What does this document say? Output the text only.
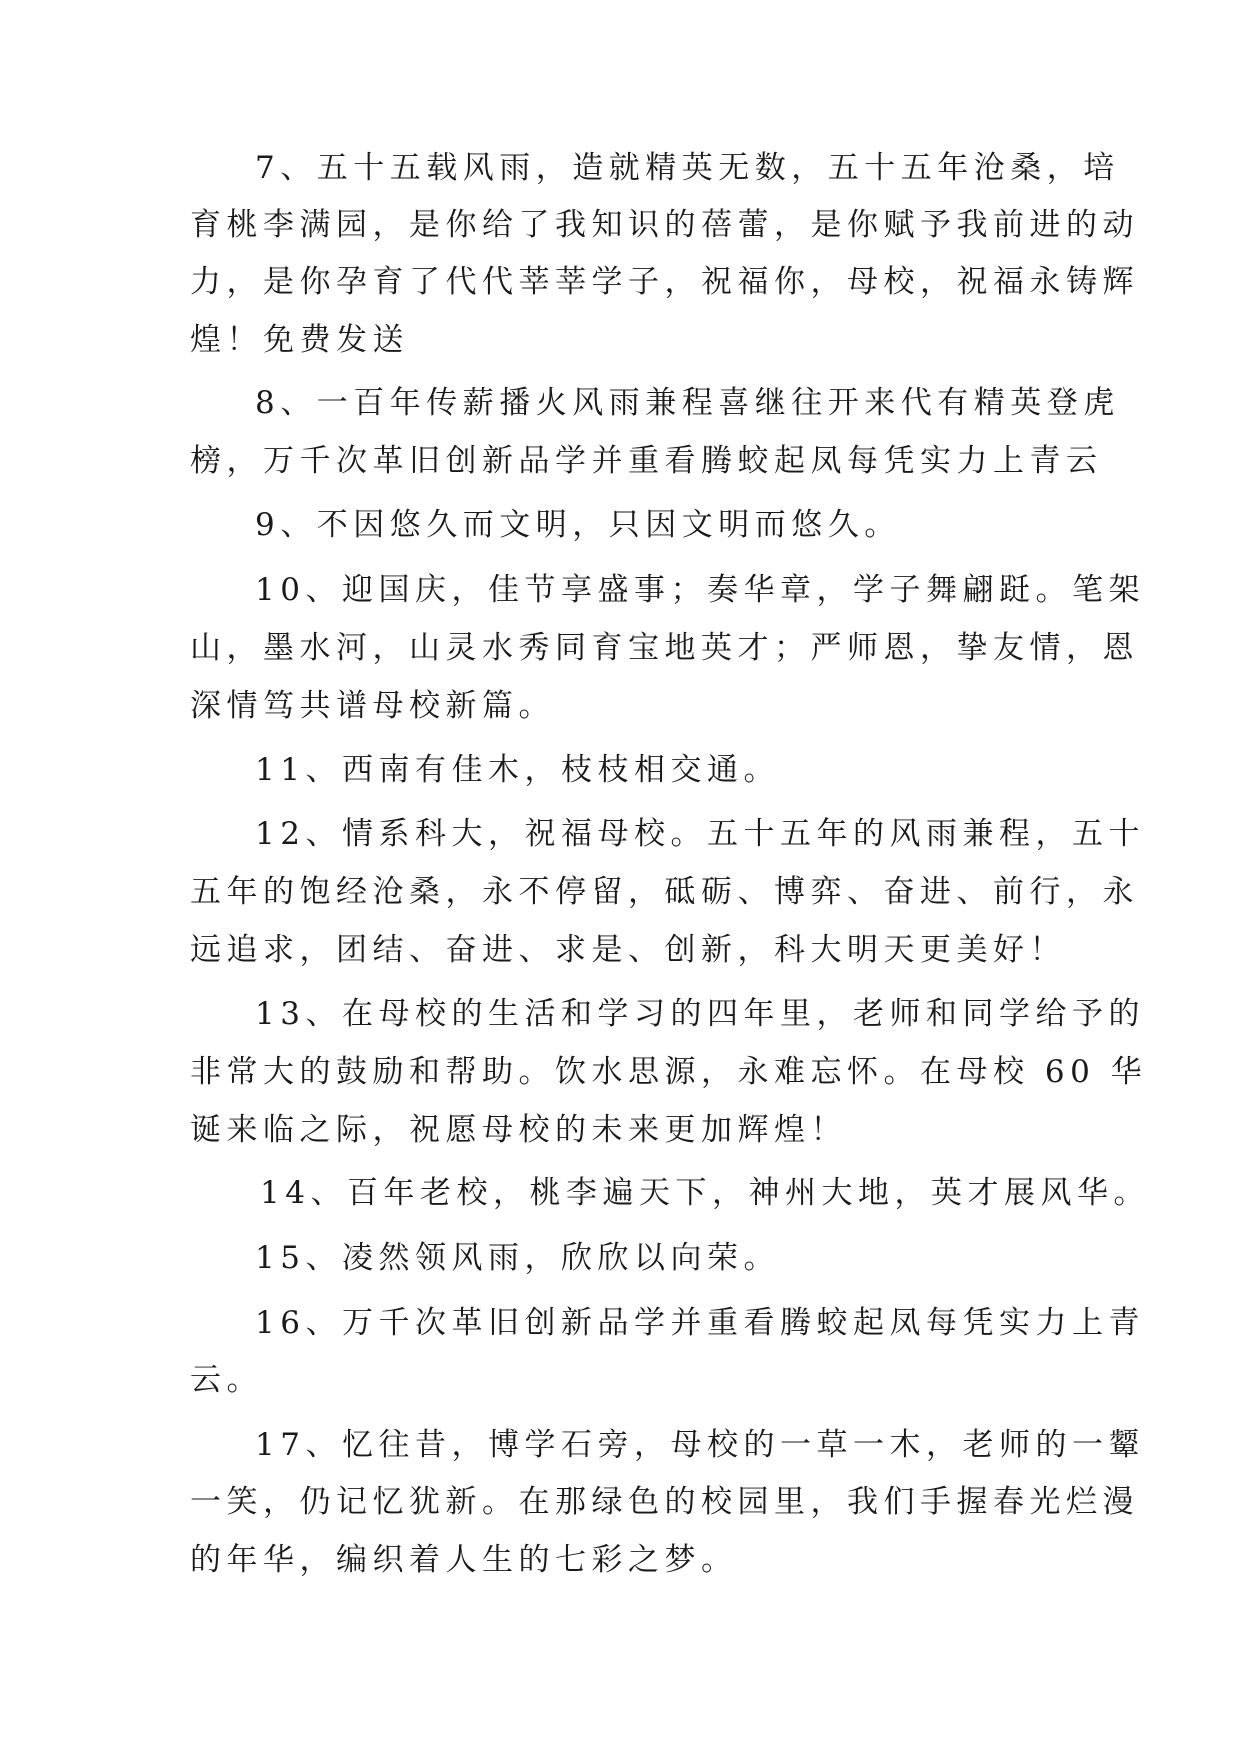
7、五十五载风雨，造就精英无数，五十五年沧桑，培
育桃李满园，是你给了我知识的蓓蕾，是你赋予我前进的动
力，是你孕育了代代莘莘学子，祝福你，母校，祝福永铸辉
煌！免费发送
8、一百年传薪播火风雨兼程喜继往开来代有精英登虎
榜，万千次革旧创新品学并重看腾蛟起凤每凭实力上青云
9、不因悠久而文明，只因文明而悠久。
10、迎国庆，佳节享盛事；奏华章，学子舞翩跹。笔架
山，墨水河，山灵水秀同育宝地英才；严师恩，挚友情，恩
深情笃共谱母校新篇。
11、西南有佳木，枝枝相交通。
12、情系科大，祝福母校。五十五年的风雨兼程，五十
五年的饱经沧桑，永不停留，砥砺、博弈、奋进、前行，永
远追求，团结、奋进、求是、创新，科大明天更美好！
13、在母校的生活和学习的四年里，老师和同学给予的
非常大的鼓励和帮助。饮水思源，永难忘怀。在母校 60 华
诞来临之际，祝愿母校的未来更加辉煌！
14、百年老校，桃李遍天下，神州大地，英才展风华。
15、凌然领风雨，欣欣以向荣。
16、万千次革旧创新品学并重看腾蛟起凤每凭实力上青
云。
17、忆往昔，博学石旁，母校的一草一木，老师的一颦
一笑，仍记忆犹新。在那绿色的校园里，我们手握春光烂漫
的年华，编织着人生的七彩之梦。
